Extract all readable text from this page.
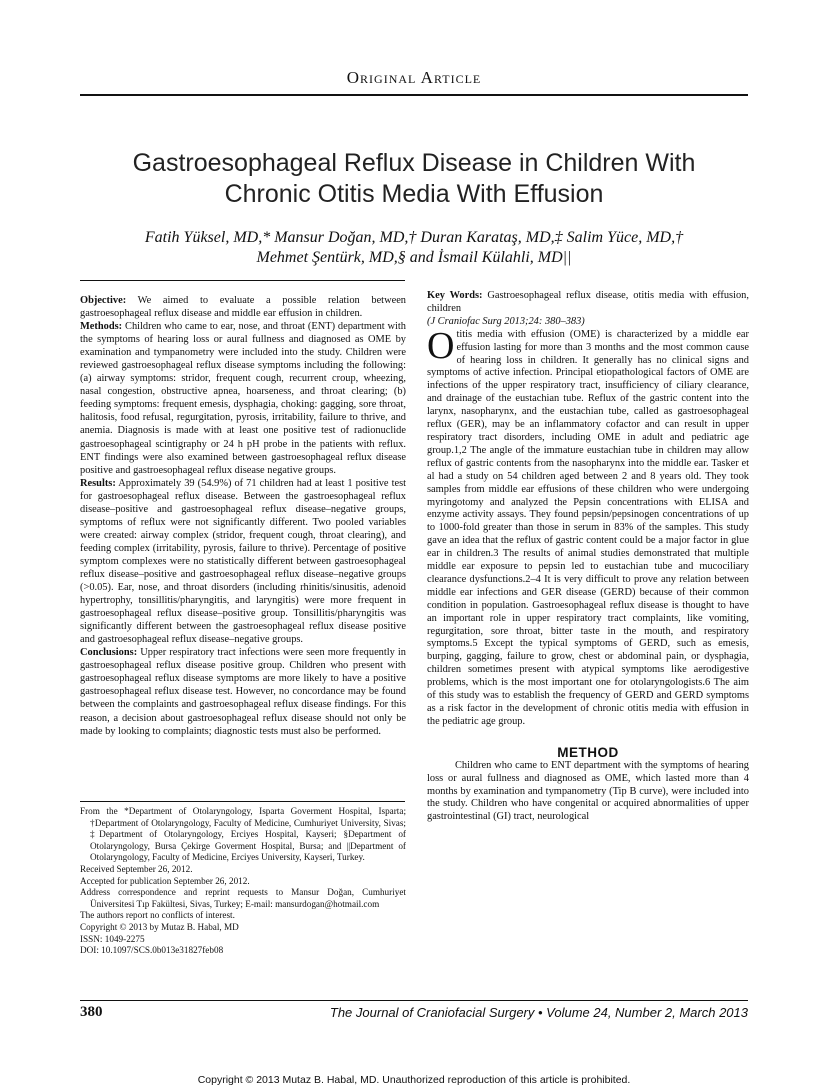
Original Article
Gastroesophageal Reflux Disease in Children With
Chronic Otitis Media With Effusion
Fatih Yüksel, MD,* Mansur Doğan, MD,† Duran Karataş, MD,‡ Salim Yüce, MD,†
Mehmet Şentürk, MD,§ and İsmail Külahli, MD||

Objective: We aimed to evaluate a possible relation between gastroesophageal reflux disease and middle ear effusion in children.

Methods: Children who came to ear, nose, and throat (ENT) department with the symptoms of hearing loss or aural fullness and diagnosed as OME by examination and tympanometry were included into the study. Children were reviewed gastroesophageal reflux disease symptoms including the following: (a) airway symptoms: stridor, frequent cough, recurrent croup, wheezing, nasal congestion, obstructive apnea, hoarseness, and throat clearing; (b) feeding symptoms: frequent emesis, dysphagia, choking: gagging, sore throat, halitosis, food refusal, regurgitation, pyrosis, irritability, failure to thrive, and anemia. Diagnosis is made with at least one positive test of radionuclide gastroesophageal scintigraphy or 24 h pH probe in the patients with reflux. ENT findings were also examined between gastroesophageal reflux disease positive and gastroesophageal reflux disease negative groups.

Results: Approximately 39 (54.9%) of 71 children had at least 1 positive test for gastroesophageal reflux disease. Between the gastroesophageal reflux disease–positive and gastroesophageal reflux disease–negative groups, symptoms of reflux were not significantly different. Two pooled variables were created: airway complex (stridor, frequent cough, throat clearing), and feeding complex (irritability, pyrosis, failure to thrive). Percentage of positive symptom complexes were no statistically different between gastroesophageal reflux disease–positive and gastroesophageal reflux disease–negative groups (>0.05). Ear, nose, and throat disorders (including rhinitis/sinusitis, adenoid hypertrophy, tonsillitis/pharyngitis, and laryngitis) were more frequent in gastroesophageal reflux disease–positive group. Tonsillitis/pharyngitis was significantly different between the gastroesophageal reflux disease positive and gastroesophageal reflux disease–negative groups.

Conclusions: Upper respiratory tract infections were seen more frequently in gastroesophageal reflux disease positive group. Children who present with gastroesophageal reflux disease symptoms are more likely to have a positive gastroesophageal reflux disease test. However, no concordance may be found between the complaints and gastroesophageal reflux disease findings. For this reason, a decision about gastroesophageal reflux disease should not only be made by looking to complaints; diagnostic tests must also be performed.

From the *Department of Otolaryngology, Isparta Goverment Hospital, Isparta; †Department of Otolaryngology, Faculty of Medicine, Cumhuriyet University, Sivas; ‡Department of Otolaryngology, Erciyes Hospital, Kayseri; §Department of Otolaryngology, Bursa Çekirge Goverment Hospital, Bursa; and ||Department of Otolaryngology, Faculty of Medicine, Erciyes University, Kayseri, Turkey.

Received September 26, 2012.

Accepted for publication September 26, 2012.

Address correspondence and reprint requests to Mansur Doğan, Cumhuriyet Üniversitesi Tıp Fakültesi, Sivas, Turkey; E-mail: mansurdogan@hotmail.com

The authors report no conflicts of interest.

Copyright © 2013 by Mutaz B. Habal, MD

ISSN: 1049-2275

DOI: 10.1097/SCS.0b013e31827feb08

Key Words: Gastroesophageal reflux disease, otitis media with effusion, children

(J Craniofac Surg 2013;24: 380–383)

Otitis media with effusion (OME) is characterized by a middle ear effusion lasting for more than 3 months and the most common cause of hearing loss in children. It generally has no clinical signs and symptoms of active infection. Principal etiopathological factors of OME are infections of the upper respiratory tract, insufficiency of ciliary clearance, and drainage of the eustachian tube. Reflux of the gastric content into the larynx, nasopharynx, and the eustachian tube, called as gastroesophageal reflux (GER), may be an inflammatory cofactor and can result in upper respiratory tract disorders, including OME in adult and pediatric age group.1,2 The angle of the immature eustachian tube in children may allow reflux of gastric contents from the nasopharynx into the middle ear. Tasker et al had a study on 54 children aged between 2 and 8 years old. They took samples from middle ear effusions of these children who were undergoing myringotomy and analyzed the Pepsin concentrations with ELISA and enzyme activity assays. They found pepsin/pepsinogen concentrations of up to 1000-fold greater than those in serum in 83% of the samples. This study gave an idea that the reflux of gastric content could be a major factor in glue ear in children.3 The results of animal studies demonstrated that multiple middle ear exposure to pepsin led to eustachian tube and mucociliary clearance dysfunctions.2–4 It is very difficult to prove any relation between middle ear infections and GER disease (GERD) because of their common condition in population. Gastroesophageal reflux disease is thought to have an important role in upper respiratory tract complaints, like vomiting, regurgitation, sore throat, bitter taste in the mouth, and respiratory symptoms.5 Except the typical symptoms of GERD, such as emesis, burping, gagging, failure to grow, chest or abdominal pain, or dysphagia, children sometimes present with atypical symptoms like aerodigestive problems, which is the most important one for otolaryngologists.6 The aim of this study was to establish the frequency of GERD and GERD symptoms as a risk factor in the development of chronic otitis media with effusion in the pediatric age group.

METHOD

Children who came to ENT department with the symptoms of hearing loss or aural fullness and diagnosed as OME, which lasted more than 4 months by examination and tympanometry (Tip B curve), were included into the study. Children who have congenital or acquired abnormalities of upper gastrointestinal (GI) tract, neurological

380	The Journal of Craniofacial Surgery • Volume 24, Number 2, March 2013
Copyright © 2013 Mutaz B. Habal, MD. Unauthorized reproduction of this article is prohibited.
